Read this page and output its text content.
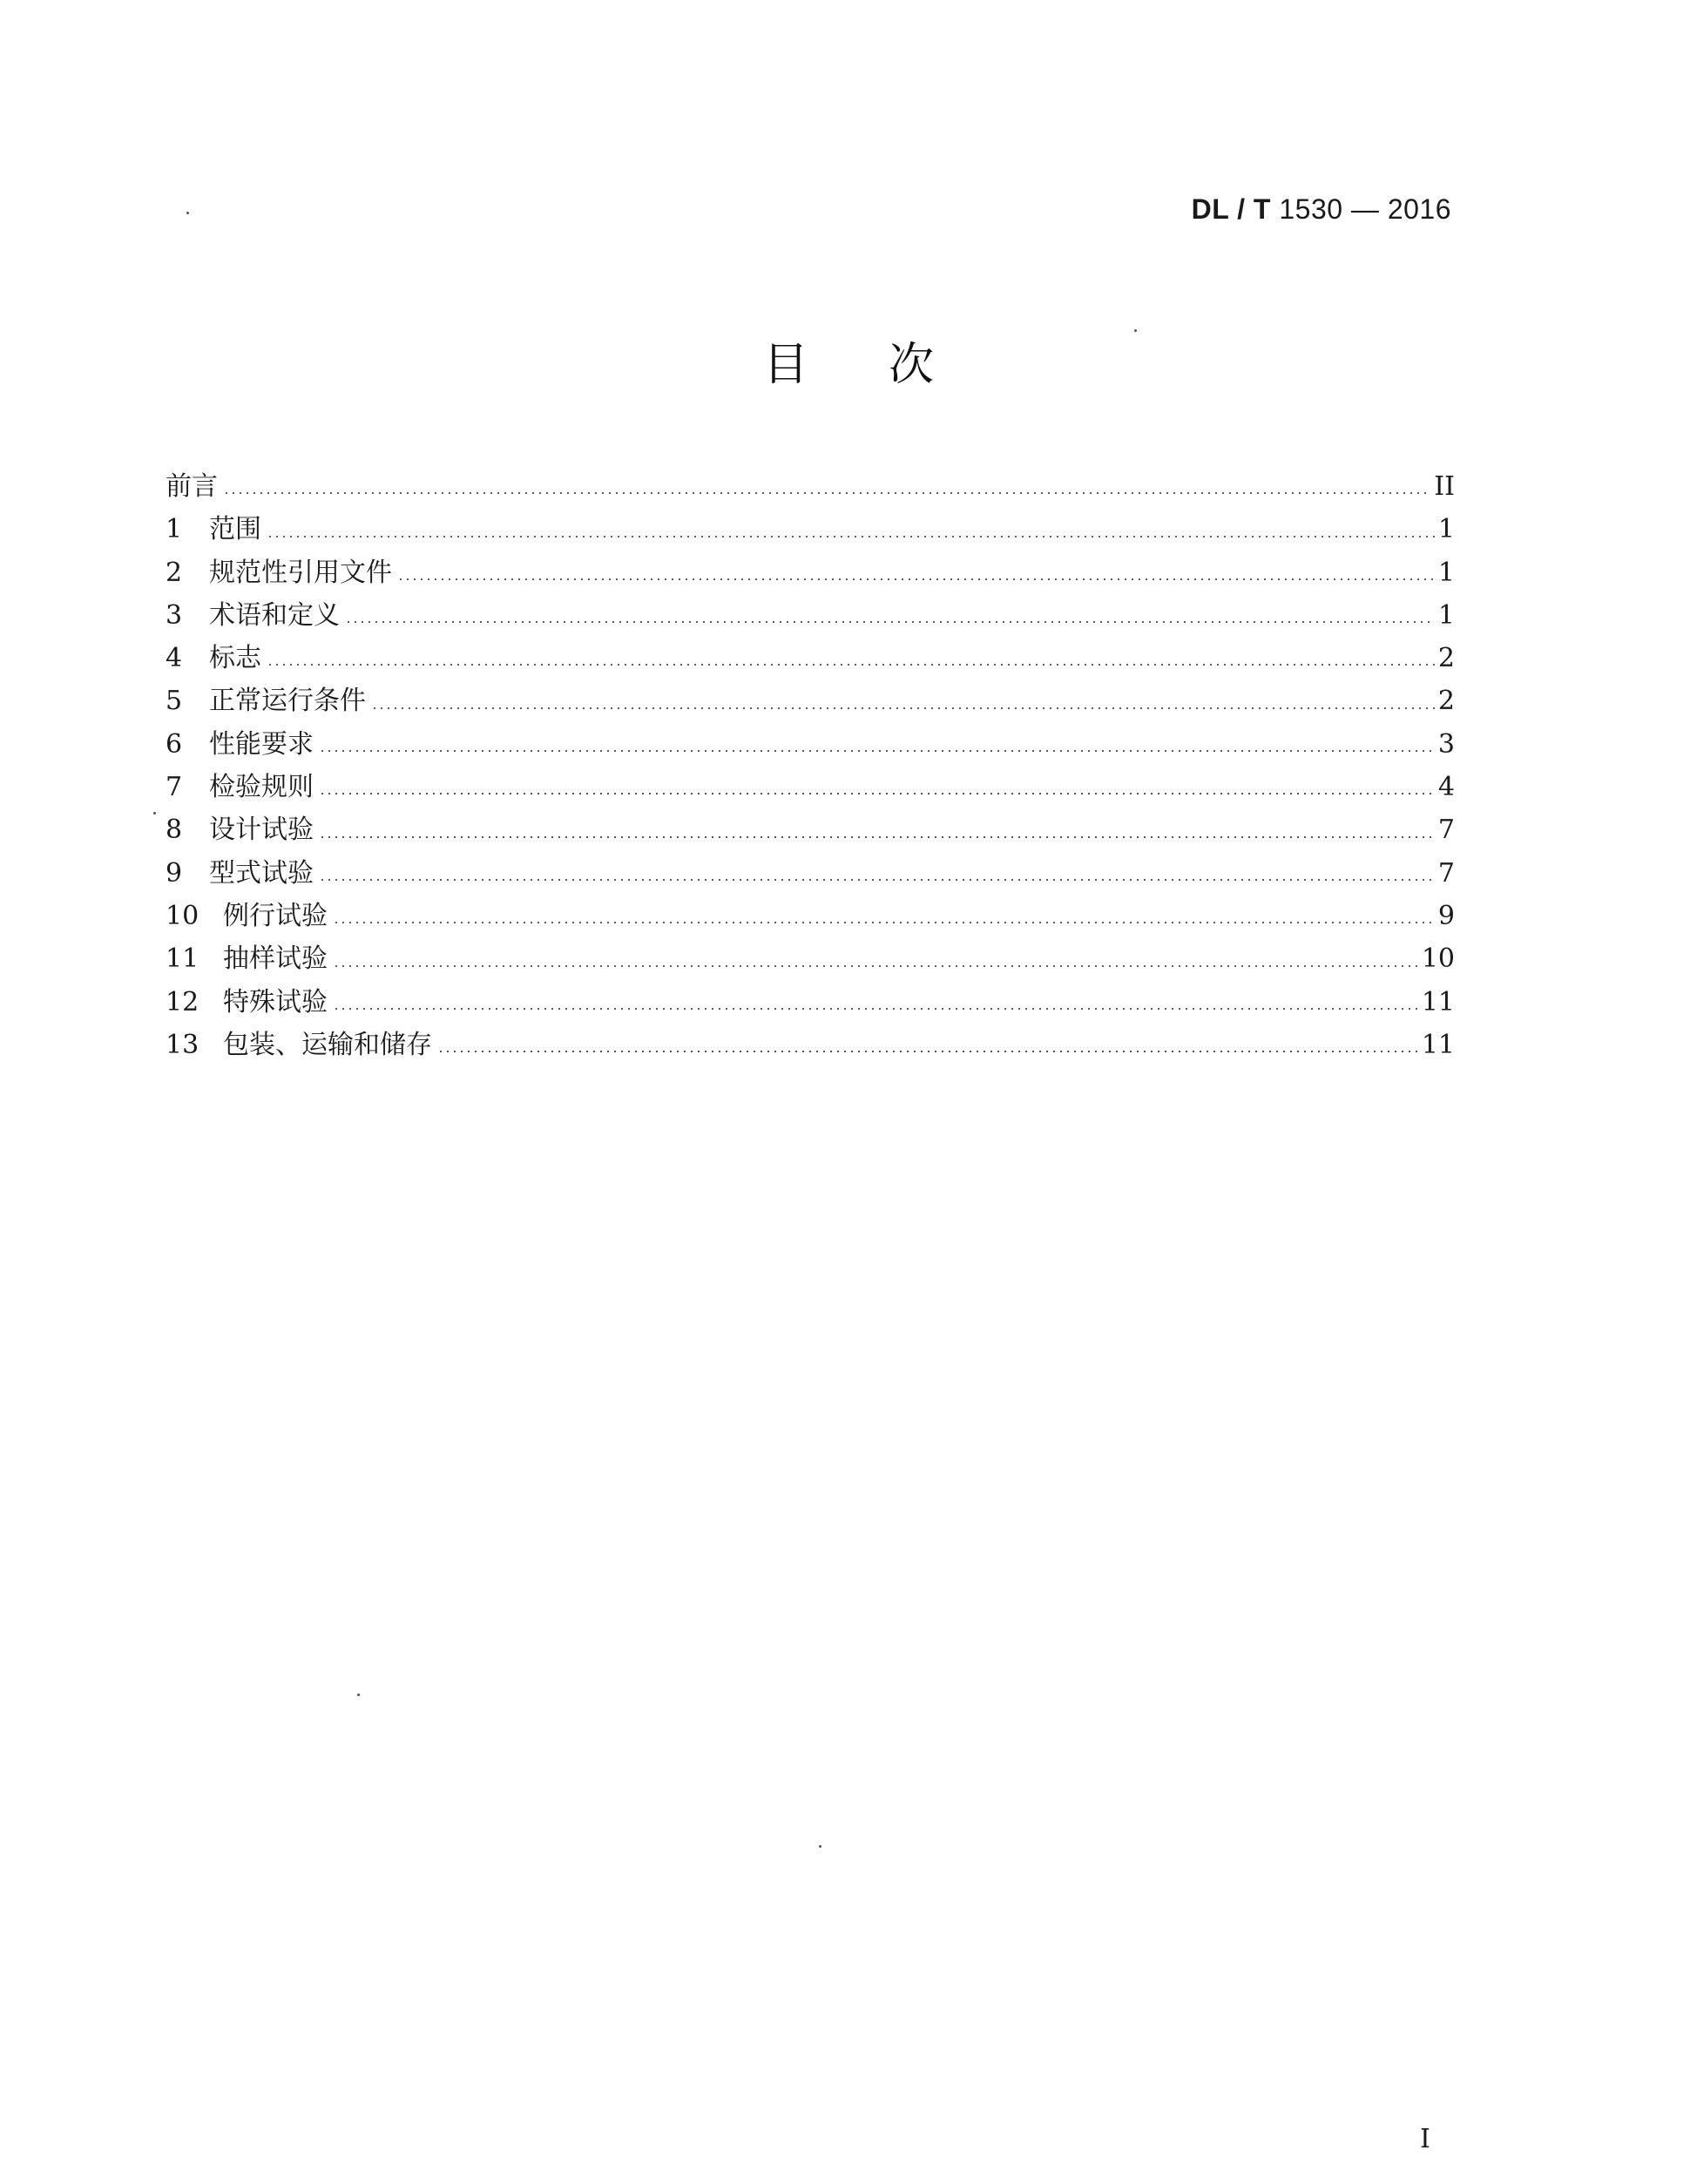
DL / T 1530 — 2016
目次
前言	II
1	范围	1
2	规范性引用文件	1
3	术语和定义	1
4	标志	2
5	正常运行条件	2
6	性能要求	3
7	检验规则	4
8	设计试验	7
9	型式试验	7
10 例行试验	9
11 抽样试验	10
12 特殊试验	11
13 包装、运输和储存	11
I
